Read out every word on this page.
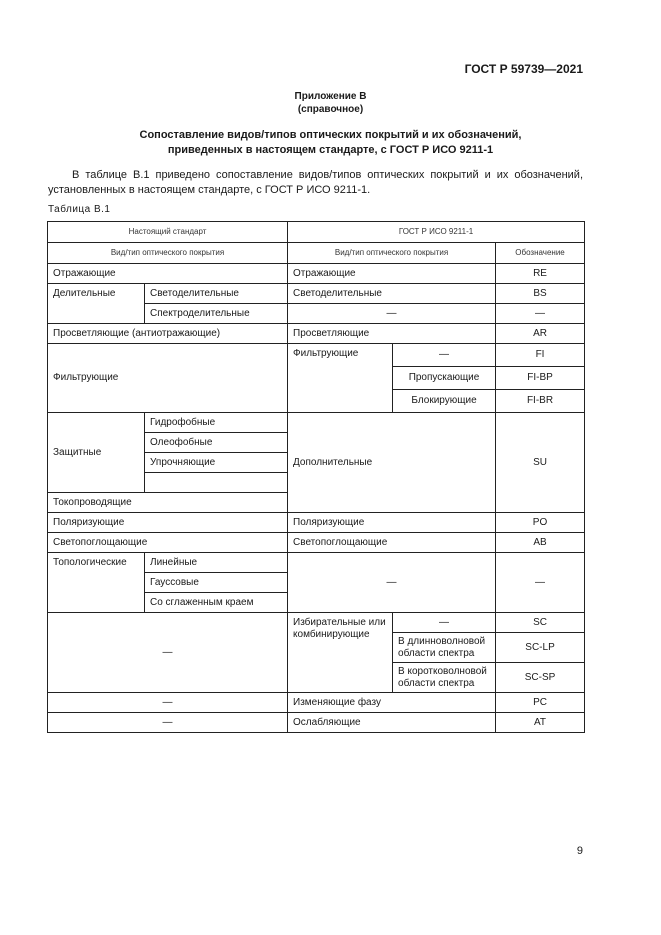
ГОСТ Р 59739—2021
Приложение В
(справочное)
Сопоставление видов/типов оптических покрытий и их обозначений,
приведенных в настоящем стандарте, с ГОСТ Р ИСО 9211-1
В таблице В.1 приведено сопоставление видов/типов оптических покрытий и их обозначений, установленных в настоящем стандарте, с ГОСТ Р ИСО 9211-1.
Таблица В.1
Настоящий стандарт		ГОСТ Р ИСО 9211-1		
Вид/тип оптического покрытия		Вид/тип оптического покрытия		Обозначение
Отражающие		Отражающие		RE
Делительные	Светоделительные	Светоделительные		BS
	Спектроделительные	—		—
Просветляющие (антиотражающие)		Просветляющие		AR
Фильтрующие		Фильтрующие	—	FI
			Пропускающие	FI-BP
			Блокирующие	FI-BR
Защитные	Гидрофобные	Дополнительные		SU
	Олеофобные			
	Упрочняющие			

Токопроводящие				
Поляризующие		Поляризующие		PO
Светопоглощающие		Светопоглощающие		AB
Топологические	Линейные	—		—
	Гауссовые			
	Со сглаженным краем			
—		Избирательные или комбинирующие	—	SC
			В длинноволновой области спектра	SC-LP
			В коротковолновой области спектра	SC-SP
—		Изменяющие фазу		PC
—		Ослабляющие		AT
9
